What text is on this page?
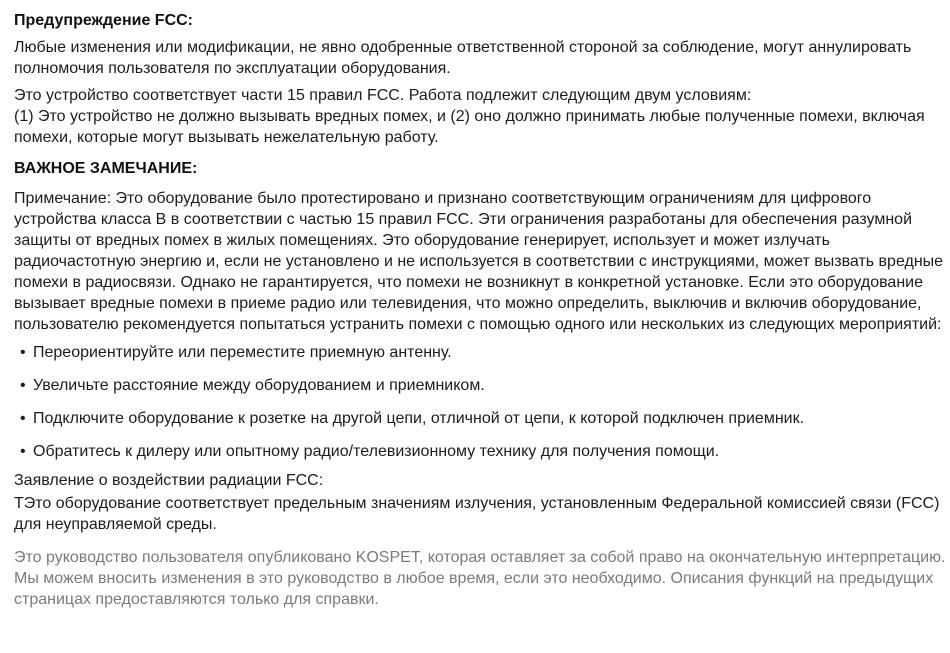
Предупреждение FCC:

Любые изменения или модификации, не явно одобренные ответственной стороной за соблюдение, могут аннулировать полномочия пользователя по эксплуатации оборудования.

Это устройство соответствует части 15 правил FCC. Работа подлежит следующим двум условиям:

(1) Это устройство не должно вызывать вредных помех, и (2) оно должно принимать любые полученные помехи, включая помехи, которые могут вызывать нежелательную работу.

ВАЖНОЕ ЗАМЕЧАНИЕ:

Примечание: Это оборудование было протестировано и признано соответствующим ограничениям для цифрового устройства класса B в соответствии с частью 15 правил FCC. Эти ограничения разработаны для обеспечения разумной защиты от вредных помех в жилых помещениях. Это оборудование генерирует, использует и может излучать радиочастотную энергию и, если не установлено и не используется в соответствии с инструкциями, может вызвать вредные помехи в радиосвязи. Однако не гарантируется, что помехи не возникнут в конкретной установке. Если это оборудование вызывает вредные помехи в приеме радио или телевидения, что можно определить, выключив и включив оборудование, пользователю рекомендуется попытаться устранить помехи с помощью одного или нескольких из следующих мероприятий:

• Переориентируйте или переместите приемную антенну.
• Увеличьте расстояние между оборудованием и приемником.
• Подключите оборудование к розетке на другой цепи, отличной от цепи, к которой подключен приемник.
• Обратитесь к дилеру или опытному радио/телевизионному технику для получения помощи.

Заявление о воздействии радиации FCC:

ТЭто оборудование соответствует предельным значениям излучения, установленным Федеральной комиссией связи (FCC) для неуправляемой среды.

Это руководство пользователя опубликовано KOSPET, которая оставляет за собой право на окончательную интерпретацию. Мы можем вносить изменения в это руководство в любое время, если это необходимо. Описания функций на предыдущих страницах предоставляются только для справки.
